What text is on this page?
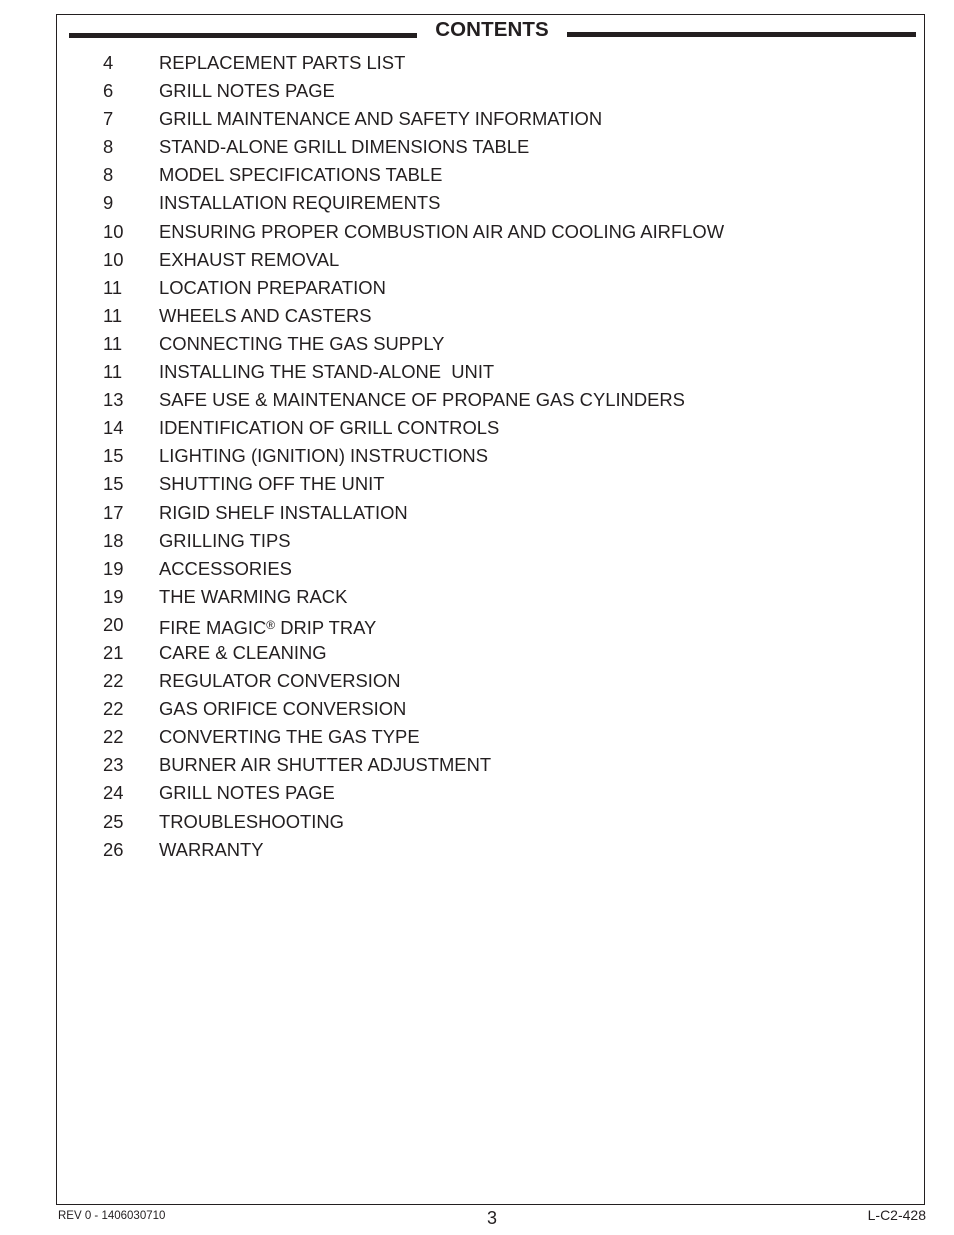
CONTENTS
4 REPLACEMENT PARTS LIST
6 GRILL NOTES PAGE
7 GRILL MAINTENANCE AND SAFETY INFORMATION
8 STAND-ALONE GRILL DIMENSIONS TABLE
8 MODEL SPECIFICATIONS TABLE
9 INSTALLATION REQUIREMENTS
10 ENSURING PROPER COMBUSTION AIR AND COOLING AIRFLOW
10 EXHAUST REMOVAL
11 LOCATION PREPARATION
11 WHEELS AND CASTERS
11 CONNECTING THE GAS SUPPLY
11 INSTALLING THE STAND-ALONE  UNIT
13 SAFE USE & MAINTENANCE OF PROPANE GAS CYLINDERS
14 IDENTIFICATION OF GRILL CONTROLS
15 LIGHTING (IGNITION) INSTRUCTIONS
15 SHUTTING OFF THE UNIT
17 RIGID SHELF INSTALLATION
18 GRILLING TIPS
19 ACCESSORIES
19 THE WARMING RACK
20 FIRE MAGIC® DRIP TRAY
21 CARE & CLEANING
22 REGULATOR CONVERSION
22 GAS ORIFICE CONVERSION
22 CONVERTING THE GAS TYPE
23 BURNER AIR SHUTTER ADJUSTMENT
24 GRILL NOTES PAGE
25 TROUBLESHOOTING
26 WARRANTY
REV 0 - 1406030710	3	L-C2-428
